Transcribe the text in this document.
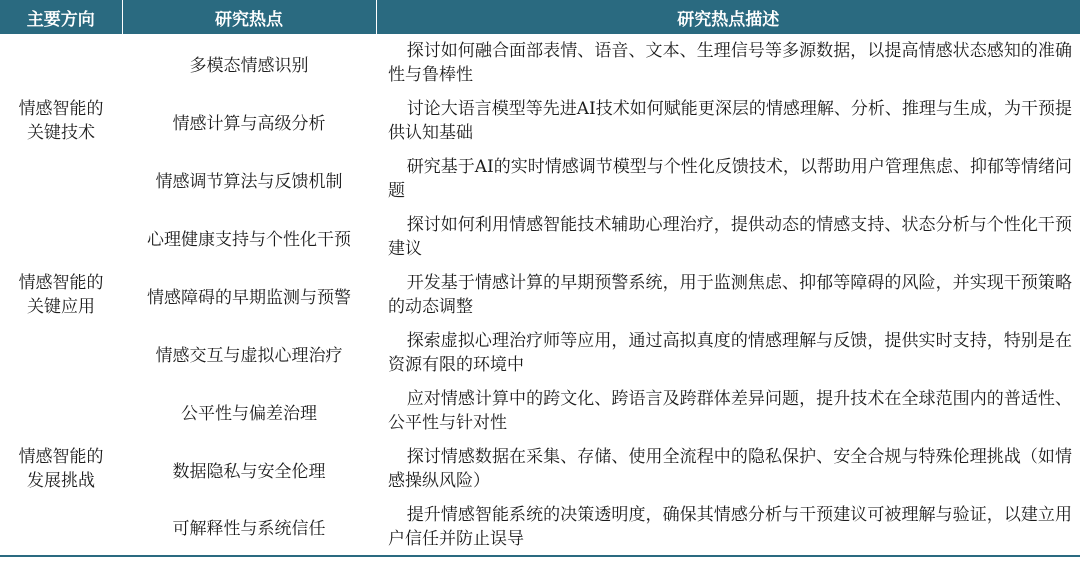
主要方向	研究热点	研究热点描述

情感智能的
关键技术	多模态情感识别	探讨如何融合面部表情、语音、文本、生理信号等多源数据，以提高情感状态感知的准确性与鲁棒性
	情感计算与高级分析	讨论大语言模型等先进AI技术如何赋能更深层的情感理解、分析、推理与生成，为干预提供认知基础
	情感调节算法与反馈机制	研究基于AI的实时情感调节模型与个性化反馈技术，以帮助用户管理焦虑、抑郁等情绪问题

情感智能的
关键应用	心理健康支持与个性化干预	探讨如何利用情感智能技术辅助心理治疗，提供动态的情感支持、状态分析与个性化干预建议
	情感障碍的早期监测与预警	开发基于情感计算的早期预警系统，用于监测焦虑、抑郁等障碍的风险，并实现干预策略的动态调整
	情感交互与虚拟心理治疗	探索虚拟心理治疗师等应用，通过高拟真度的情感理解与反馈，提供实时支持，特别是在资源有限的环境中

情感智能的
发展挑战	公平性与偏差治理	应对情感计算中的跨文化、跨语言及跨群体差异问题，提升技术在全球范围内的普适性、公平性与针对性
	数据隐私与安全伦理	探讨情感数据在采集、存储、使用全流程中的隐私保护、安全合规与特殊伦理挑战（如情感操纵风险）
	可解释性与系统信任	提升情感智能系统的决策透明度，确保其情感分析与干预建议可被理解与验证，以建立用户信任并防止误导
